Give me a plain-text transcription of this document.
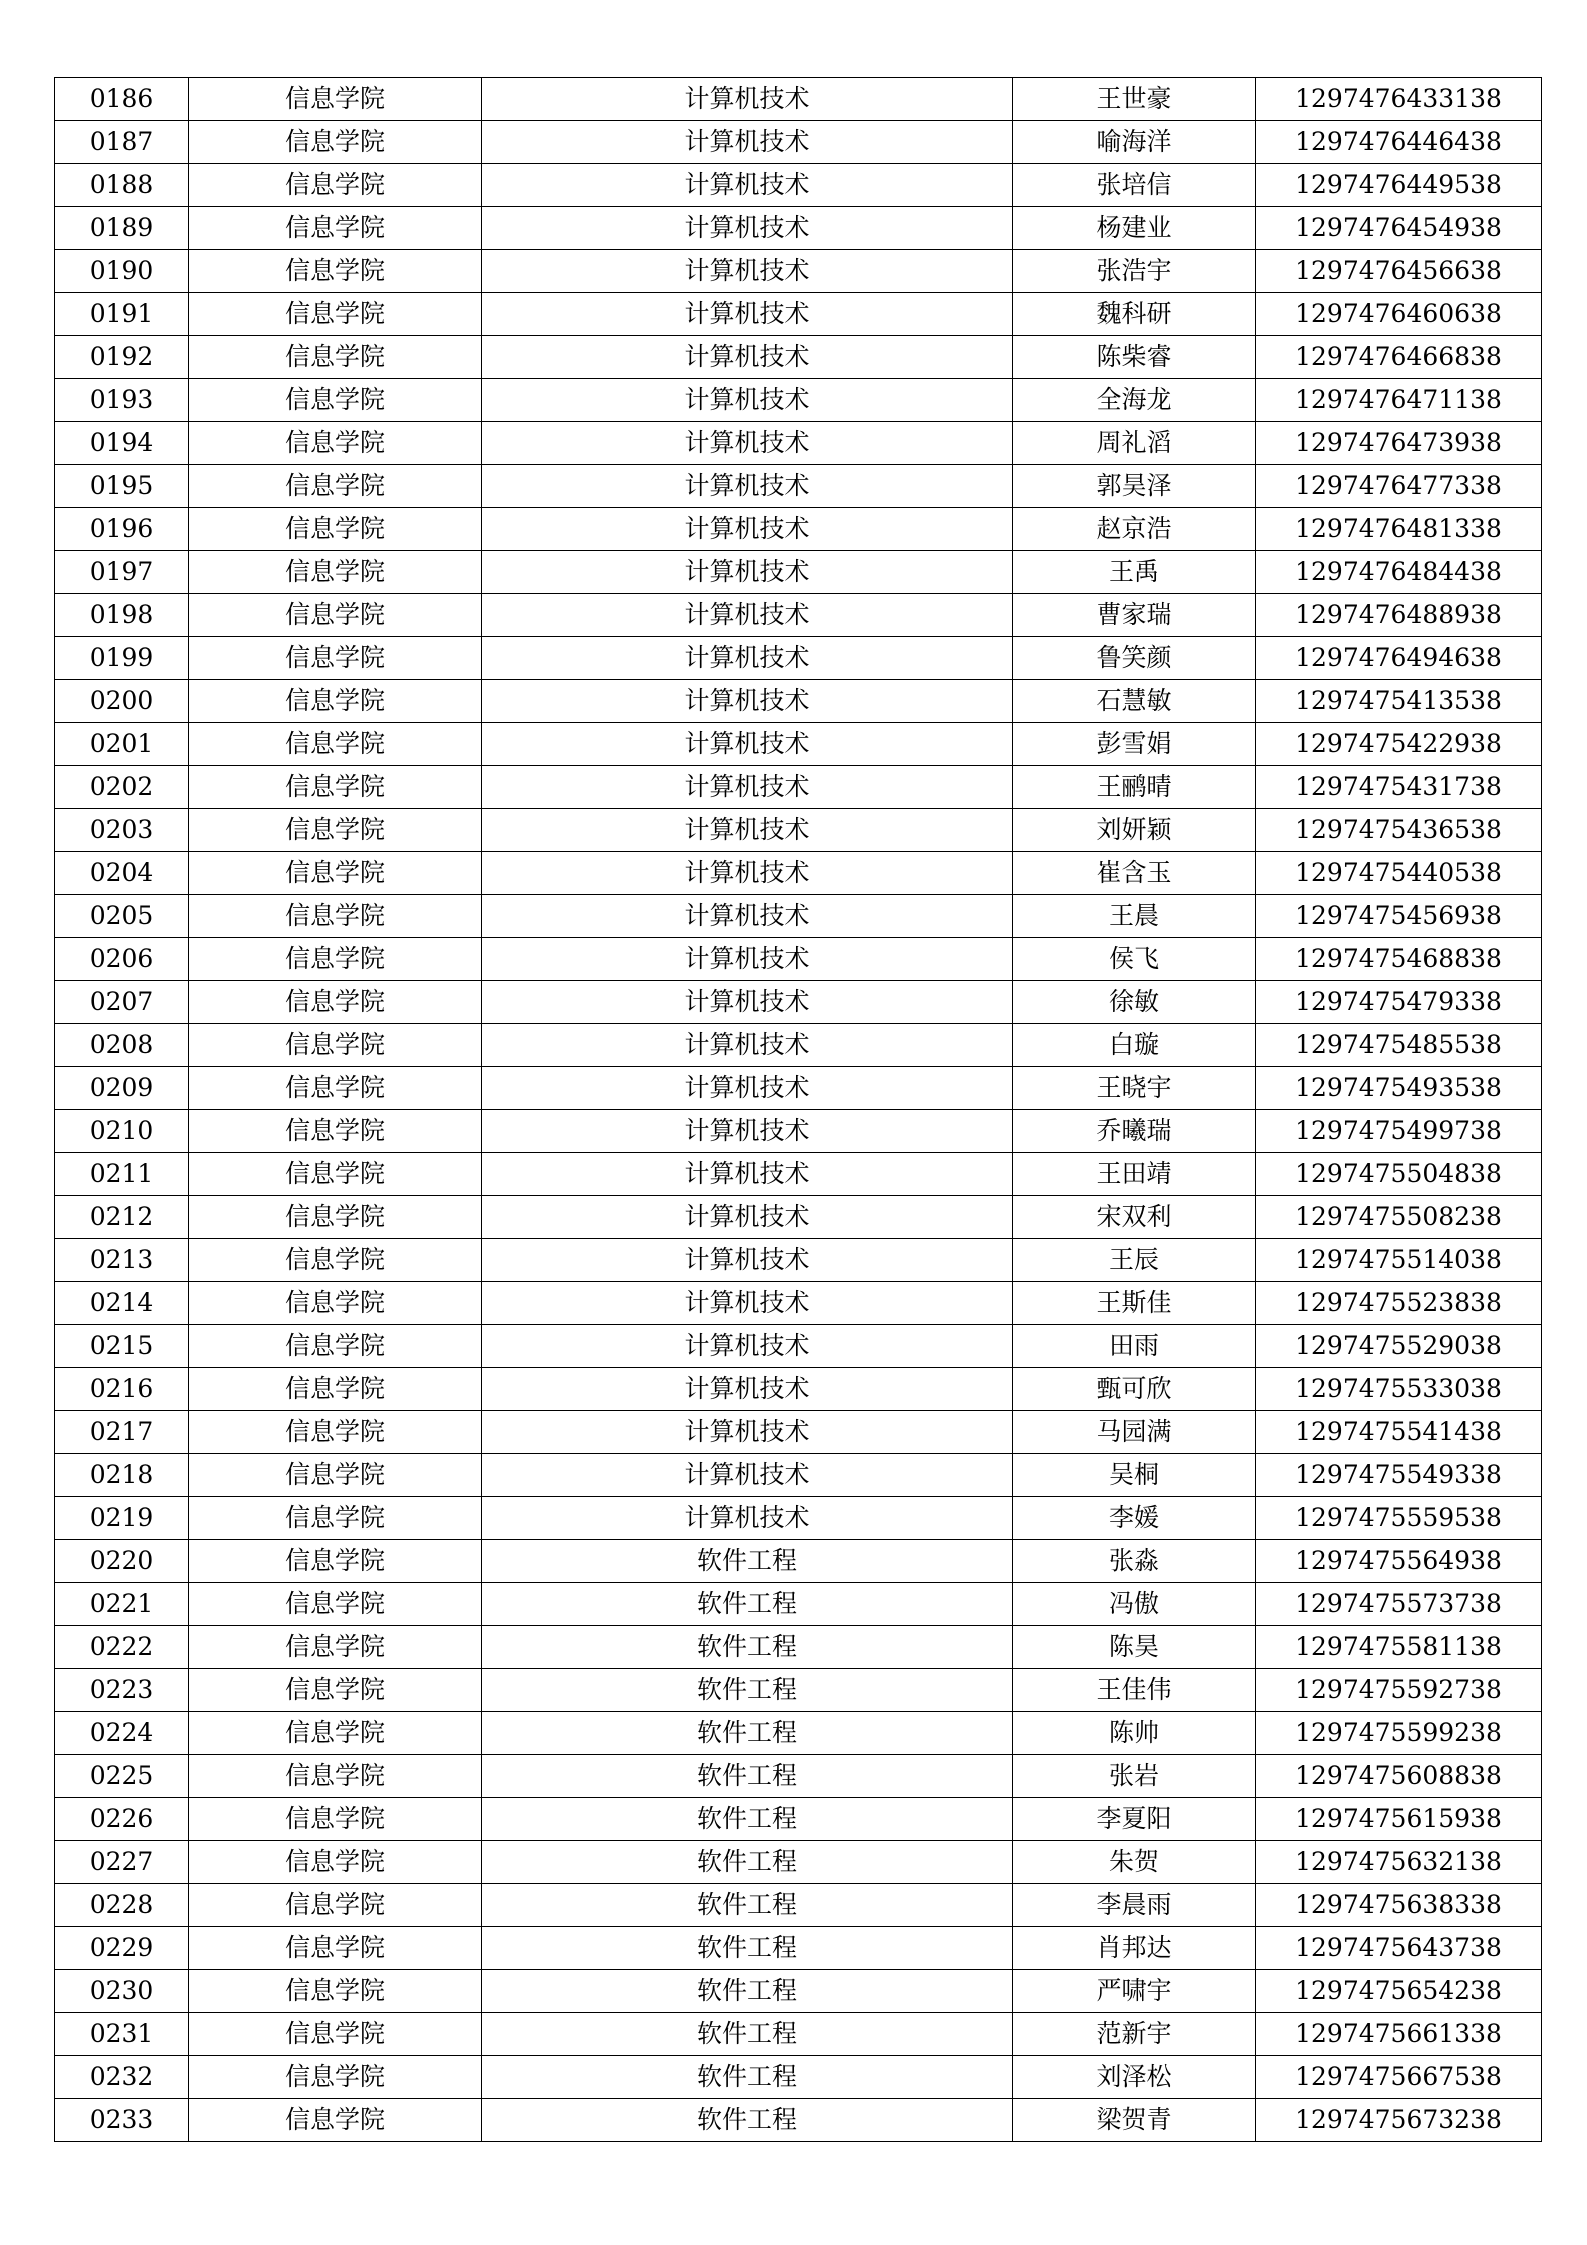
0186	信息学院	计算机技术	王世豪	1297476433138
0187	信息学院	计算机技术	喻海洋	1297476446438
0188	信息学院	计算机技术	张培信	1297476449538
0189	信息学院	计算机技术	杨建业	1297476454938
0190	信息学院	计算机技术	张浩宇	1297476456638
0191	信息学院	计算机技术	魏科研	1297476460638
0192	信息学院	计算机技术	陈柴睿	1297476466838
0193	信息学院	计算机技术	全海龙	1297476471138
0194	信息学院	计算机技术	周礼滔	1297476473938
0195	信息学院	计算机技术	郭昊泽	1297476477338
0196	信息学院	计算机技术	赵京浩	1297476481338
0197	信息学院	计算机技术	王禹	1297476484438
0198	信息学院	计算机技术	曹家瑞	1297476488938
0199	信息学院	计算机技术	鲁笑颜	1297476494638
0200	信息学院	计算机技术	石慧敏	1297475413538
0201	信息学院	计算机技术	彭雪娟	1297475422938
0202	信息学院	计算机技术	王鹂晴	1297475431738
0203	信息学院	计算机技术	刘妍颖	1297475436538
0204	信息学院	计算机技术	崔含玉	1297475440538
0205	信息学院	计算机技术	王晨	1297475456938
0206	信息学院	计算机技术	侯飞	1297475468838
0207	信息学院	计算机技术	徐敏	1297475479338
0208	信息学院	计算机技术	白璇	1297475485538
0209	信息学院	计算机技术	王晓宇	1297475493538
0210	信息学院	计算机技术	乔曦瑞	1297475499738
0211	信息学院	计算机技术	王田靖	1297475504838
0212	信息学院	计算机技术	宋双利	1297475508238
0213	信息学院	计算机技术	王辰	1297475514038
0214	信息学院	计算机技术	王斯佳	1297475523838
0215	信息学院	计算机技术	田雨	1297475529038
0216	信息学院	计算机技术	甄可欣	1297475533038
0217	信息学院	计算机技术	马园满	1297475541438
0218	信息学院	计算机技术	吴桐	1297475549338
0219	信息学院	计算机技术	李媛	1297475559538
0220	信息学院	软件工程	张淼	1297475564938
0221	信息学院	软件工程	冯傲	1297475573738
0222	信息学院	软件工程	陈昊	1297475581138
0223	信息学院	软件工程	王佳伟	1297475592738
0224	信息学院	软件工程	陈帅	1297475599238
0225	信息学院	软件工程	张岩	1297475608838
0226	信息学院	软件工程	李夏阳	1297475615938
0227	信息学院	软件工程	朱贺	1297475632138
0228	信息学院	软件工程	李晨雨	1297475638338
0229	信息学院	软件工程	肖邦达	1297475643738
0230	信息学院	软件工程	严啸宇	1297475654238
0231	信息学院	软件工程	范新宇	1297475661338
0232	信息学院	软件工程	刘泽松	1297475667538
0233	信息学院	软件工程	梁贺青	1297475673238
